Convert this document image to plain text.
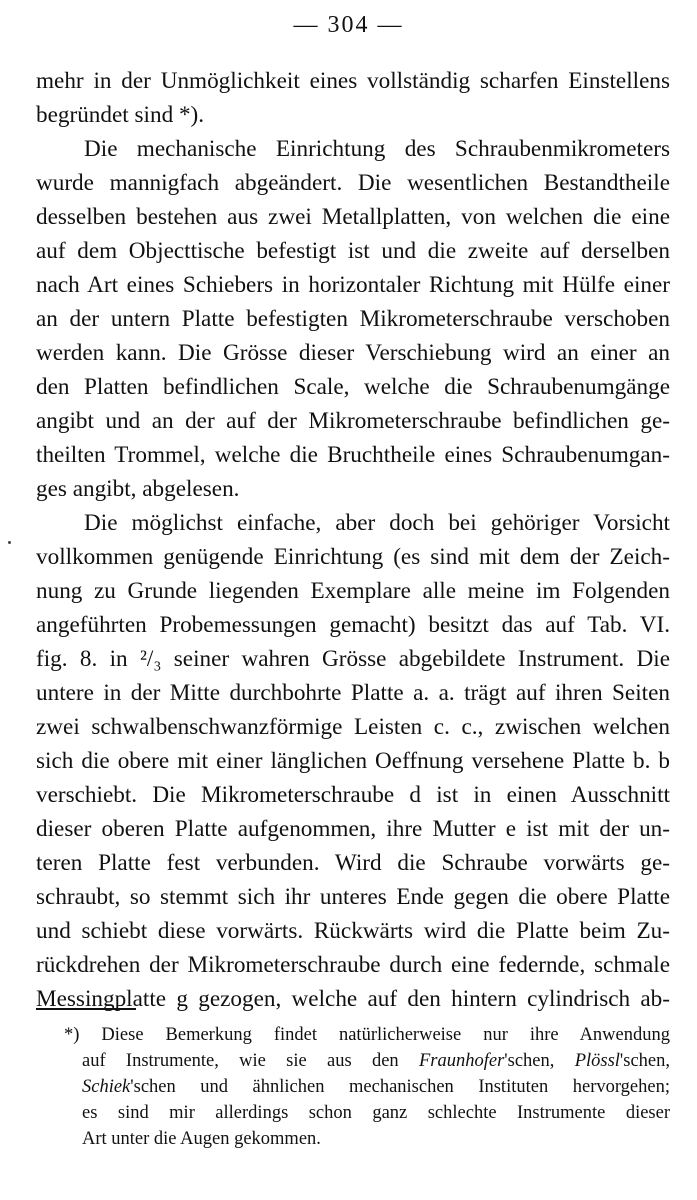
— 304 —

mehr in der Unmöglichkeit eines vollständig scharfen Einstellens
begründet sind *).

Die mechanische Einrichtung des Schraubenmikrometers
wurde mannigfach abgeändert. Die wesentlichen Bestandtheile
desselben bestehen aus zwei Metallplatten, von welchen die eine
auf dem Objecttische befestigt ist und die zweite auf derselben
nach Art eines Schiebers in horizontaler Richtung mit Hülfe einer
an der untern Platte befestigten Mikrometerschraube verschoben
werden kann. Die Grösse dieser Verschiebung wird an einer an
den Platten befindlichen Scale, welche die Schraubenumgänge
angibt und an der auf der Mikrometerschraube befindlichen ge-
theilten Trommel, welche die Bruchtheile eines Schraubenumgan-
ges angibt, abgelesen.

Die möglichst einfache, aber doch bei gehöriger Vorsicht
vollkommen genügende Einrichtung (es sind mit dem der Zeich-
nung zu Grunde liegenden Exemplare alle meine im Folgenden
angeführten Probemessungen gemacht) besitzt das auf Tab. VI.
fig. 8. in ²/₃ seiner wahren Grösse abgebildete Instrument. Die
untere in der Mitte durchbohrte Platte a. a. trägt auf ihren Seiten
zwei schwalbenschwanzförmige Leisten c. c., zwischen welchen
sich die obere mit einer länglichen Oeffnung versehene Platte b. b
verschiebt. Die Mikrometerschraube d ist in einen Ausschnitt
dieser oberen Platte aufgenommen, ihre Mutter e ist mit der un-
teren Platte fest verbunden. Wird die Schraube vorwärts ge-
schraubt, so stemmt sich ihr unteres Ende gegen die obere Platte
und schiebt diese vorwärts. Rückwärts wird die Platte beim Zu-
rückdrehen der Mikrometerschraube durch eine federnde, schmale
Messingplatte g gezogen, welche auf den hintern cylindrisch ab-

*) Diese Bemerkung findet natürlicherweise nur ihre Anwendung
auf Instrumente, wie sie aus den Fraunhofer'schen, Plössl'schen,
Schiek'schen und ähnlichen mechanischen Instituten hervorgehen;
es sind mir allerdings schon ganz schlechte Instrumente dieser
Art unter die Augen gekommen.
